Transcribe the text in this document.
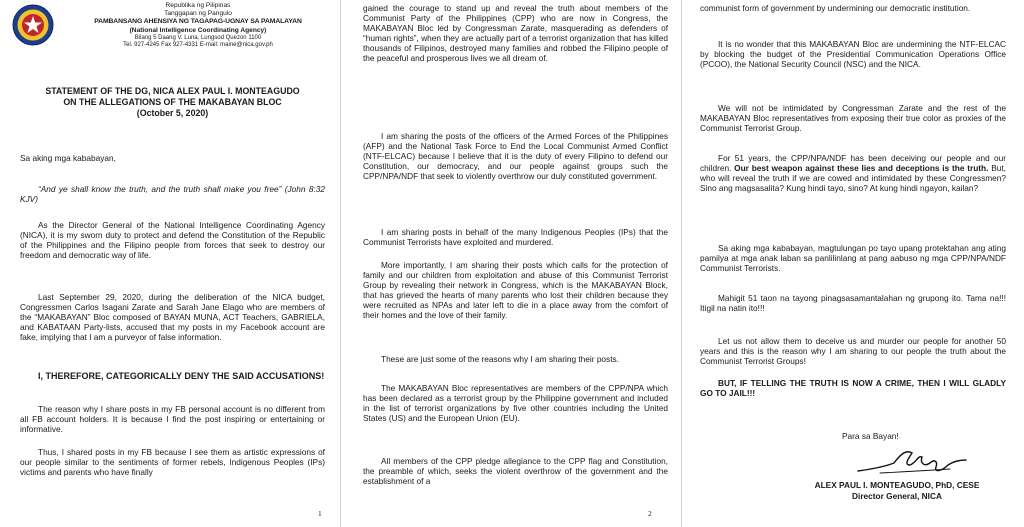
Republika ng Pilipinas

Tanggapan ng Pangulo

PAMBANSANG AHENSIYA NG TAGAPAG-UGNAY SA PAMALAYAN

(National Intelligence Coordinating Agency)

Bilang 5 Daang V. Luna, Lungsod Quezon 1100

Tel. 927-4245 Fax 927-4331 E-mail: maine@nica.gov.ph

STATEMENT OF THE DG, NICA ALEX PAUL I. MONTEAGUDO

ON THE ALLEGATIONS OF THE MAKABAYAN BLOC

(October 5, 2020)

Sa aking mga kababayan,

“And ye shall know the truth, and the truth shall make you free” (John 8:32 KJV)

As the Director General of the National Intelligence Coordinating Agency (NICA), it is my sworn duty to protect and defend the Constitution of the Republic of the Philippines and the Filipino people from forces that seek to destroy our freedom and democratic way of life.

Last September 29, 2020, during the deliberation of the NICA budget, Congressmen Carlos Isagani Zarate and Sarah Jane Elago who are members of the “MAKABAYAN” Bloc composed of BAYAN MUNA, ACT Teachers, GABRIELA, and KABATAAN Party-lists, accused that my posts in my Facebook account are fake, implying that I am a purveyor of false information.

I, THEREFORE, CATEGORICALLY DENY THE SAID ACCUSATIONS!

The reason why I share posts in my FB personal account is no different from all FB account holders. It is because I find the post inspiring or entertaining or informative.

Thus, I shared posts in my FB because I see them as artistic expressions of our people similar to the sentiments of former rebels, Indigenous Peoples (IPs) victims and parents who have finally

1

gained the courage to stand up and reveal the truth about members of the Communist Party of the Philippines (CPP) who are now in Congress, the MAKABAYAN Bloc led by Congressman Zarate, masquerading as defenders of “human rights”, when they are actually part of a terrorist organization that has killed thousands of Filipinos, destroyed many families and robbed the Filipino people of the peaceful and prosperous lives we all dream of.

I am sharing the posts of the officers of the Armed Forces of the Philippines (AFP) and the National Task Force to End the Local Communist Armed Conflict (NTF-ELCAC) because I believe that it is the duty of every Filipino to defend our Constitution, our democracy, and our people against groups such the CPP/NPA/NDF that seek to violently overthrow our duly constituted government.

I am sharing posts in behalf of the many Indigenous Peoples (IPs) that the Communist Terrorists have exploited and murdered.

More importantly, I am sharing their posts which calls for the protection of family and our children from exploitation and abuse of this Communist Terrorist Group by revealing their network in Congress, which is the MAKABAYAN Block, that has grieved the hearts of many parents who lost their children because they were recruited as NPAs and later left to die in a place away from the comfort of their homes and the love of their family.

These are just some of the reasons why I am sharing their posts.

The MAKABAYAN Bloc representatives are members of the CPP/NPA which has been declared as a terrorist group by the Philippine government and included in the list of terrorist organizations by five other countries including the United States (US) and the European Union (EU).

All members of the CPP pledge allegiance to the CPP flag and Constitution, the preamble of which, seeks the violent overthrow of the government and the establishment of a

2

communist form of government by undermining our democratic institution.

It is no wonder that this MAKABAYAN Bloc are undermining the NTF-ELCAC by blocking the budget of the Presidential Communication Operations Office (PCOO), the National Security Council (NSC) and the NICA.

We will not be intimidated by Congressman Zarate and the rest of the MAKABAYAN Bloc representatives from exposing their true color as proxies of the Communist Terrorist Group.

For 51 years, the CPP/NPA/NDF has been deceiving our people and our children. Our best weapon against these lies and deceptions is the truth. But, who will reveal the truth if we are cowed and intimidated by these Congressmen? Sino ang magsasalita? Kung hindi tayo, sino? At kung hindi ngayon, kailan?

Sa aking mga kababayan, magtulungan po tayo upang protektahan ang ating pamilya at mga anak laban sa panlilinlang at pang aabuso ng mga CPP/NPA/NDF Communist Terrorists.

Mahigit 51 taon na tayong pinagsasamantalahan ng grupong ito. Tama na!!! Itigil na natin ito!!!

Let us not allow them to deceive us and murder our people for another 50 years and this is the reason why I am sharing to our people the truth about the Communist Terrorist Groups!

BUT, IF TELLING THE TRUTH IS NOW A CRIME, THEN I WILL GLADLY GO TO JAIL!!!

Para sa Bayan!

ALEX PAUL I. MONTEAGUDO, PhD, CESE

Director General, NICA
